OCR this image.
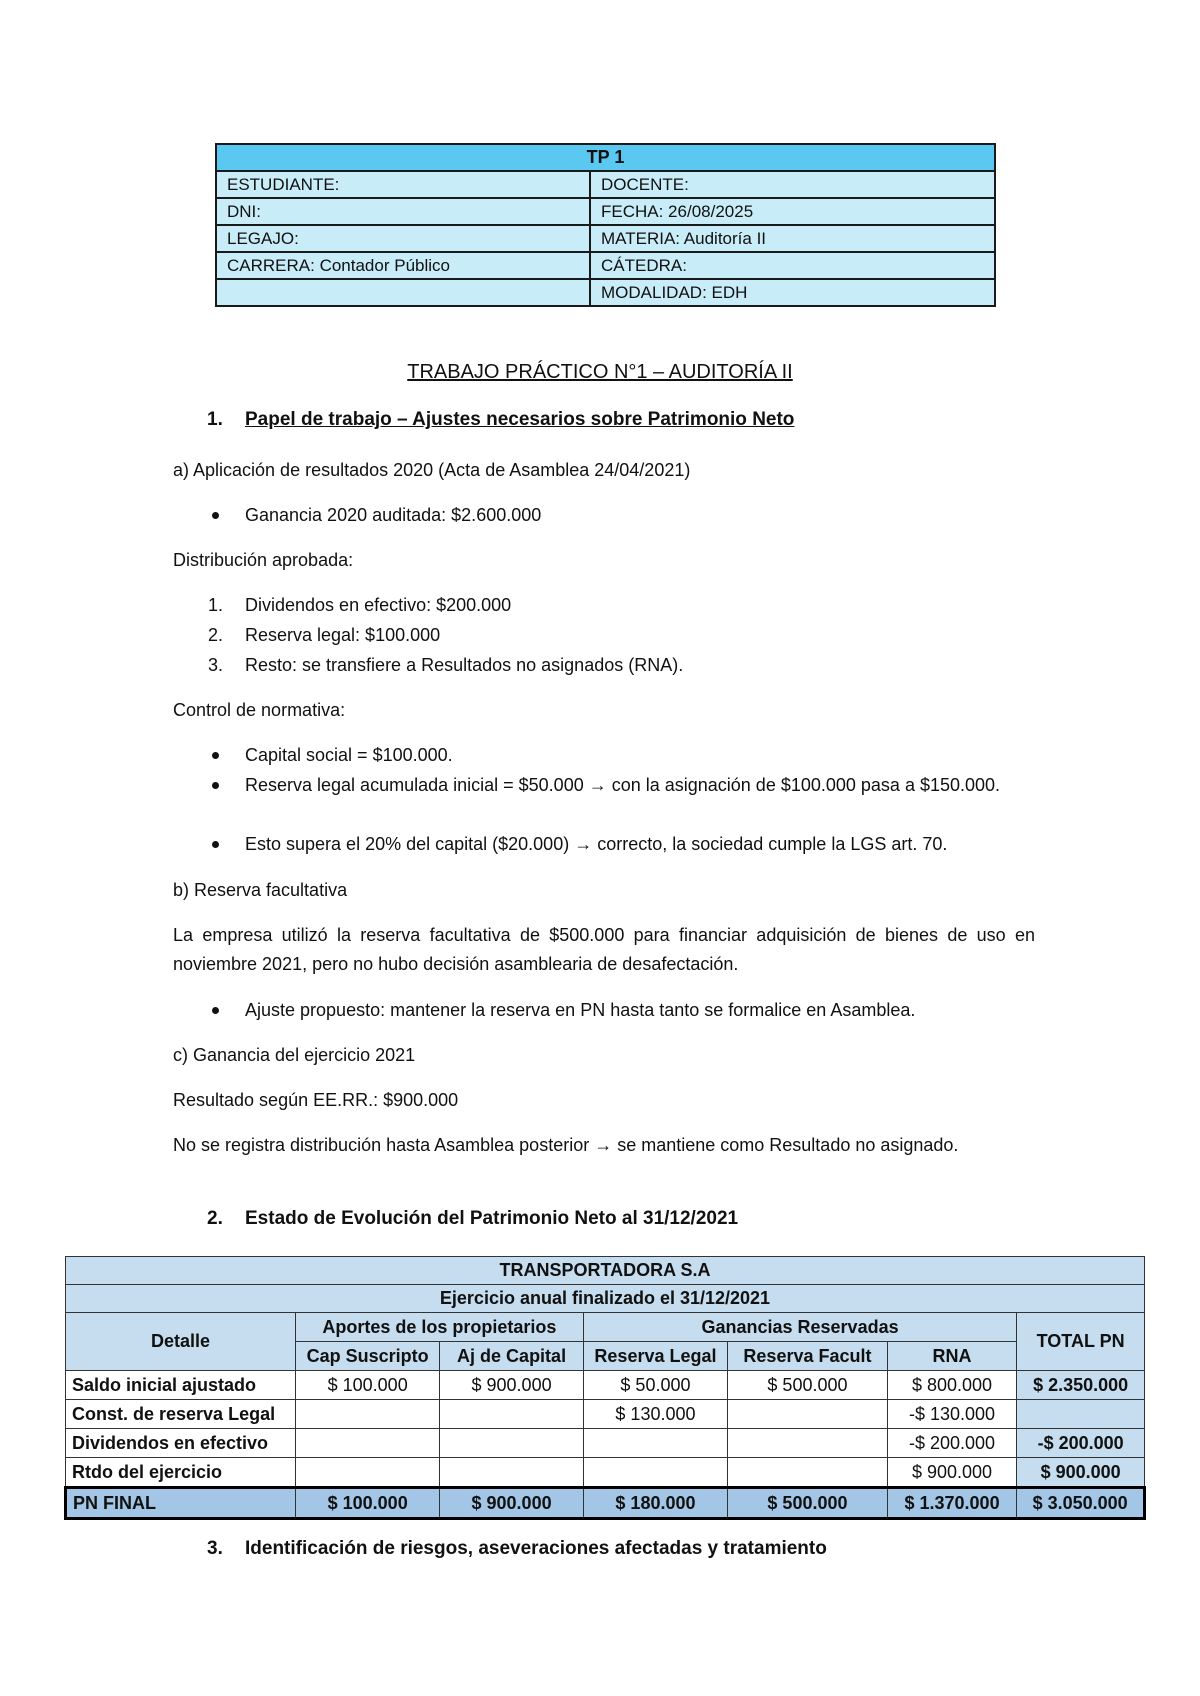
TP 1	
ESTUDIANTE:	DOCENTE:
DNI:	FECHA: 26/08/2025
LEGAJO:	MATERIA: Auditoría II
CARRERA: Contador Público	CÁTEDRA:
	MODALIDAD: EDH
TRABAJO PRÁCTICO N°1 – AUDITORÍA II
1. Papel de trabajo – Ajustes necesarios sobre Patrimonio Neto
a) Aplicación de resultados 2020 (Acta de Asamblea 24/04/2021)
Ganancia 2020 auditada: $2.600.000
Distribución aprobada:
1.	Dividendos en efectivo: $200.000
2.	Reserva legal: $100.000
3.	Resto: se transfiere a Resultados no asignados (RNA).
Control de normativa:
Capital social = $100.000.
Reserva legal acumulada inicial = $50.000 → con la asignación de $100.000 pasa a $150.000.
Esto supera el 20% del capital ($20.000) → correcto, la sociedad cumple la LGS art. 70.
b) Reserva facultativa
La empresa utilizó la reserva facultativa de $500.000 para financiar adquisición de bienes de uso en noviembre 2021, pero no hubo decisión asamblearia de desafectación.
Ajuste propuesto: mantener la reserva en PN hasta tanto se formalice en Asamblea.
c) Ganancia del ejercicio 2021
Resultado según EE.RR.: $900.000
No se registra distribución hasta Asamblea posterior → se mantiene como Resultado no asignado.
2. Estado de Evolución del Patrimonio Neto al 31/12/2021
TRANSPORTADORA S.A						
Ejercicio anual finalizado el 31/12/2021						
Detalle	Aportes de los propietarios		Ganancias Reservadas			TOTAL PN
	Cap Suscripto	Aj de Capital	Reserva Legal	Reserva Facult	RNA	
Saldo inicial ajustado	$ 100.000	$ 900.000	$ 50.000	$ 500.000	$ 800.000	$ 2.350.000
Const. de reserva Legal			$ 130.000		-$ 130.000	
Dividendos en efectivo					-$ 200.000	-$ 200.000
Rtdo del ejercicio					$ 900.000	$ 900.000
PN FINAL	$ 100.000	$ 900.000	$ 180.000	$ 500.000	$ 1.370.000	$ 3.050.000
3. Identificación de riesgos, aseveraciones afectadas y tratamiento
